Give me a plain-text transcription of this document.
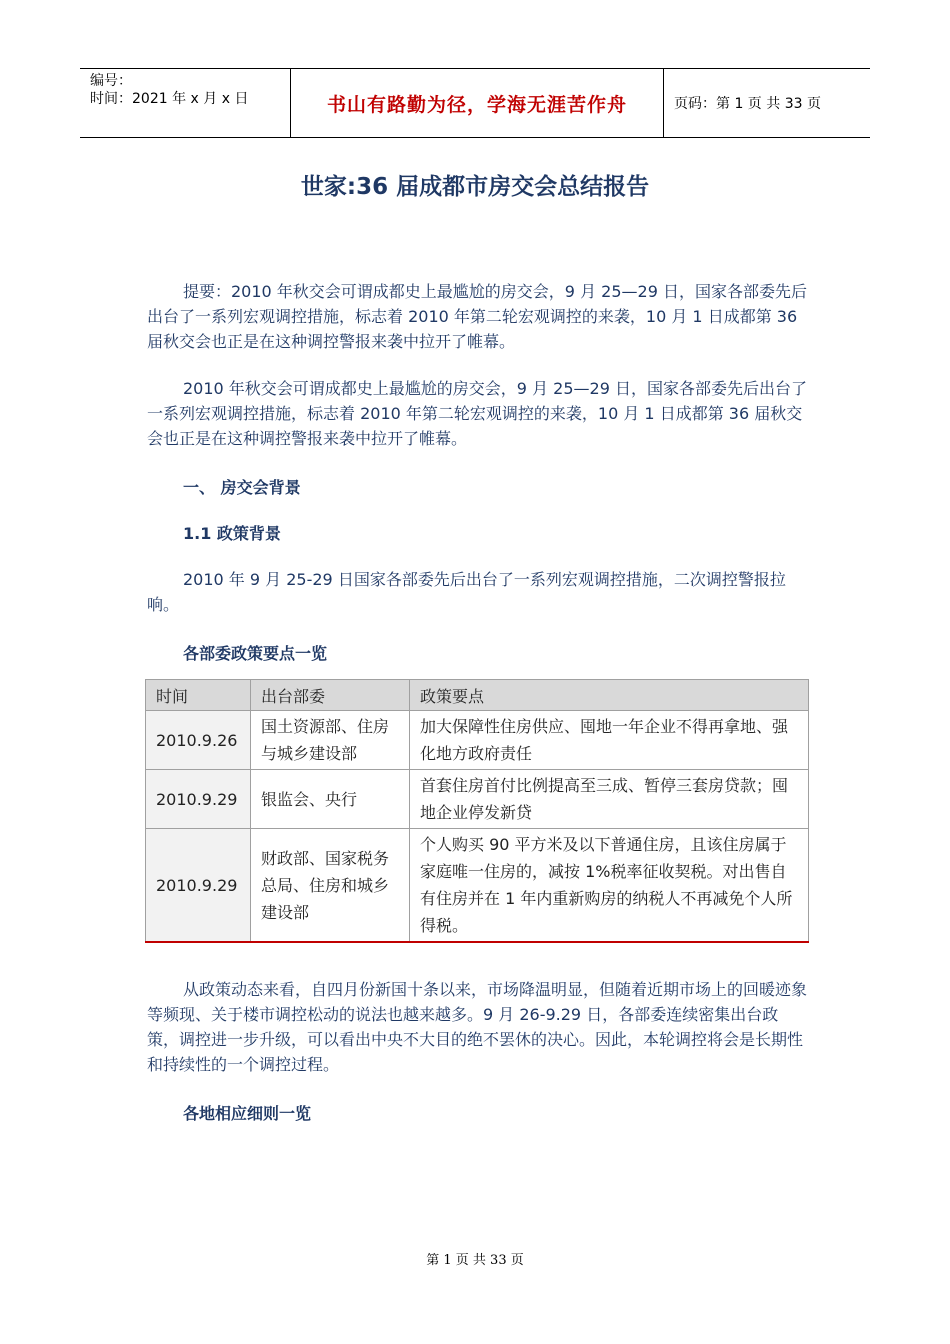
编号：
时间：2021 年 x 月 x 日	书山有路勤为径，学海无涯苦作舟	页码：第 1 页 共 33 页
世家:36 届成都市房交会总结报告

提要：2010 年秋交会可谓成都史上最尴尬的房交会，9 月 25—29 日，国家各部委先后出台了一系列宏观调控措施，标志着 2010 年第二轮宏观调控的来袭，10 月 1 日成都第 36 届秋交会也正是在这种调控警报来袭中拉开了帷幕。

2010 年秋交会可谓成都史上最尴尬的房交会，9 月 25—29 日，国家各部委先后出台了一系列宏观调控措施，标志着 2010 年第二轮宏观调控的来袭，10 月 1 日成都第 36 届秋交会也正是在这种调控警报来袭中拉开了帷幕。

一、 房交会背景
1.1 政策背景

2010 年 9 月 25-29 日国家各部委先后出台了一系列宏观调控措施，二次调控警报拉响。

各部委政策要点一览
时间	出台部委	政策要点
2010.9.26	国土资源部、住房与城乡建设部	加大保障性住房供应、囤地一年企业不得再拿地、强化地方政府责任
2010.9.29	银监会、央行	首套住房首付比例提高至三成、暂停三套房贷款；囤地企业停发新贷
2010.9.29	财政部、国家税务总局、住房和城乡建设部	个人购买 90 平方米及以下普通住房，且该住房属于家庭唯一住房的，减按 1%税率征收契税。对出售自有住房并在 1 年内重新购房的纳税人不再减免个人所得税。

从政策动态来看，自四月份新国十条以来，市场降温明显，但随着近期市场上的回暖迹象等频现、关于楼市调控松动的说法也越来越多。9 月 26-9.29 日，各部委连续密集出台政策，调控进一步升级，可以看出中央不大目的绝不罢休的决心。因此，本轮调控将会是长期性和持续性的一个调控过程。

各地相应细则一览
第 1 页 共 33 页
